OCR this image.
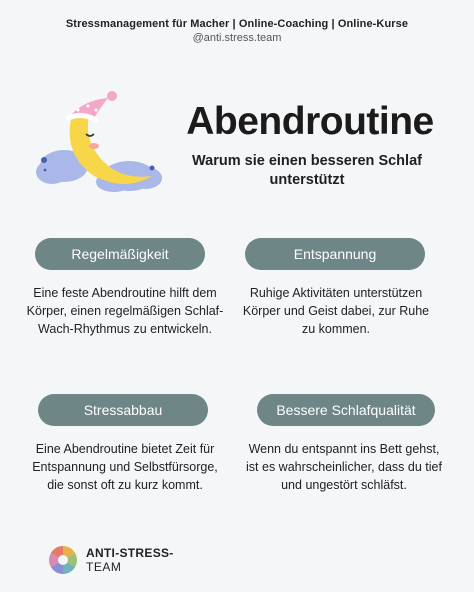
Stressmanagement für Macher | Online-Coaching | Online-Kurse
@anti.stress.team
Abendroutine
Warum sie einen besseren Schlaf unterstützt
Regelmäßigkeit
Eine feste Abendroutine hilft dem Körper, einen regelmäßigen Schlaf-Wach-Rhythmus zu entwickeln.
Entspannung
Ruhige Aktivitäten unterstützen Körper und Geist dabei, zur Ruhe zu kommen.
Stressabbau
Eine Abendroutine bietet Zeit für Entspannung und Selbstfürsorge, die sonst oft zu kurz kommt.
Bessere Schlafqualität
Wenn du entspannt ins Bett gehst, ist es wahrscheinlicher, dass du tief und ungestört schläfst.
ANTI-STRESS-
TEAM
